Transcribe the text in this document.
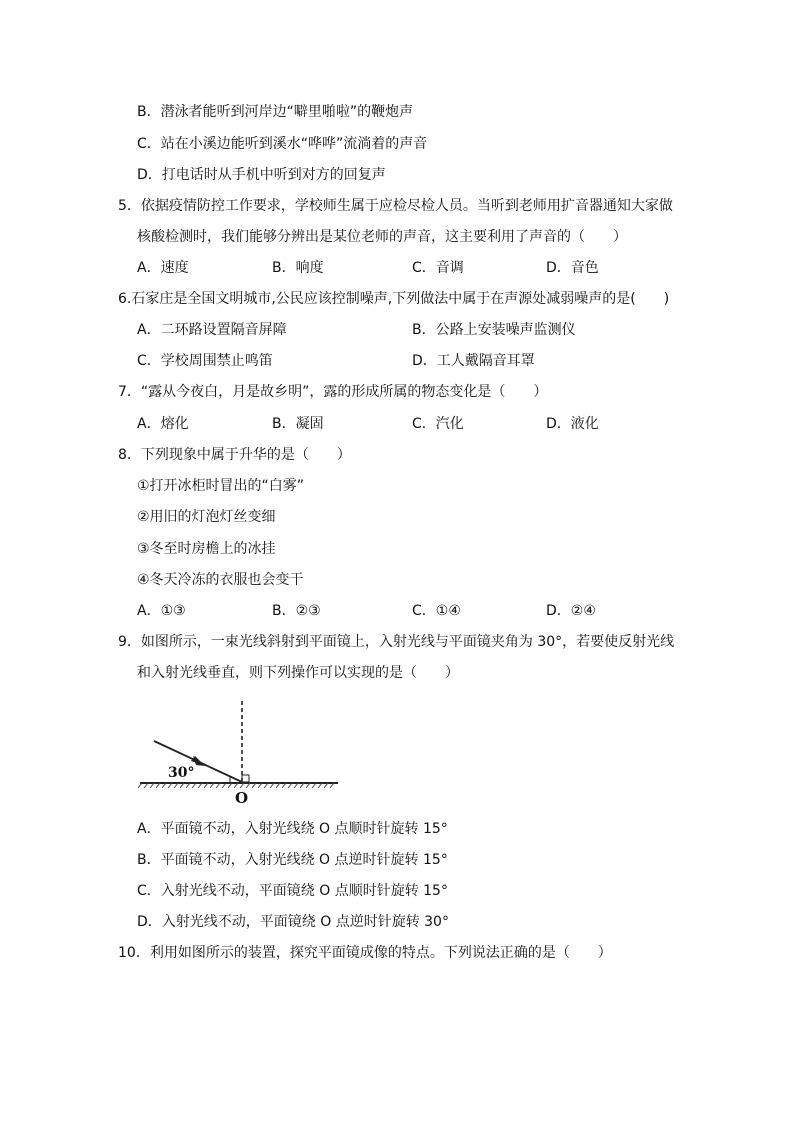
B．潜泳者能听到河岸边“噼里啪啦”的鞭炮声
C．站在小溪边能听到溪水“哗哗”流淌着的声音
D．打电话时从手机中听到对方的回复声
5．依据疫情防控工作要求，学校师生属于应检尽检人员。当听到老师用扩音器通知大家做
核酸检测时，我们能够分辨出是某位老师的声音，这主要利用了声音的（　　）
A．速度	B．响度	C．音调	D．音色
6.石家庄是全国文明城市,公民应该控制噪声,下列做法中属于在声源处减弱噪声的是(　　)
A．二环路设置隔音屏障	B．公路上安装噪声监测仪
C．学校周围禁止鸣笛	D．工人戴隔音耳罩
7．“露从今夜白，月是故乡明”，露的形成所属的物态变化是（　　）
A．熔化	B．凝固	C．汽化	D．液化
8．下列现象中属于升华的是（　　）
①打开冰柜时冒出的“白雾”
②用旧的灯泡灯丝变细
③冬至时房檐上的冰挂
④冬天冷冻的衣服也会变干
A．①③	B．②③	C．①④	D．②④
9．如图所示，一束光线斜射到平面镜上，入射光线与平面镜夹角为 30°，若要使反射光线
和入射光线垂直，则下列操作可以实现的是（　　）
30°
O
A．平面镜不动，入射光线绕 O 点顺时针旋转 15°
B．平面镜不动，入射光线绕 O 点逆时针旋转 15°
C．入射光线不动，平面镜绕 O 点顺时针旋转 15°
D．入射光线不动，平面镜绕 O 点逆时针旋转 30°
10．利用如图所示的装置，探究平面镜成像的特点。下列说法正确的是（　　）
